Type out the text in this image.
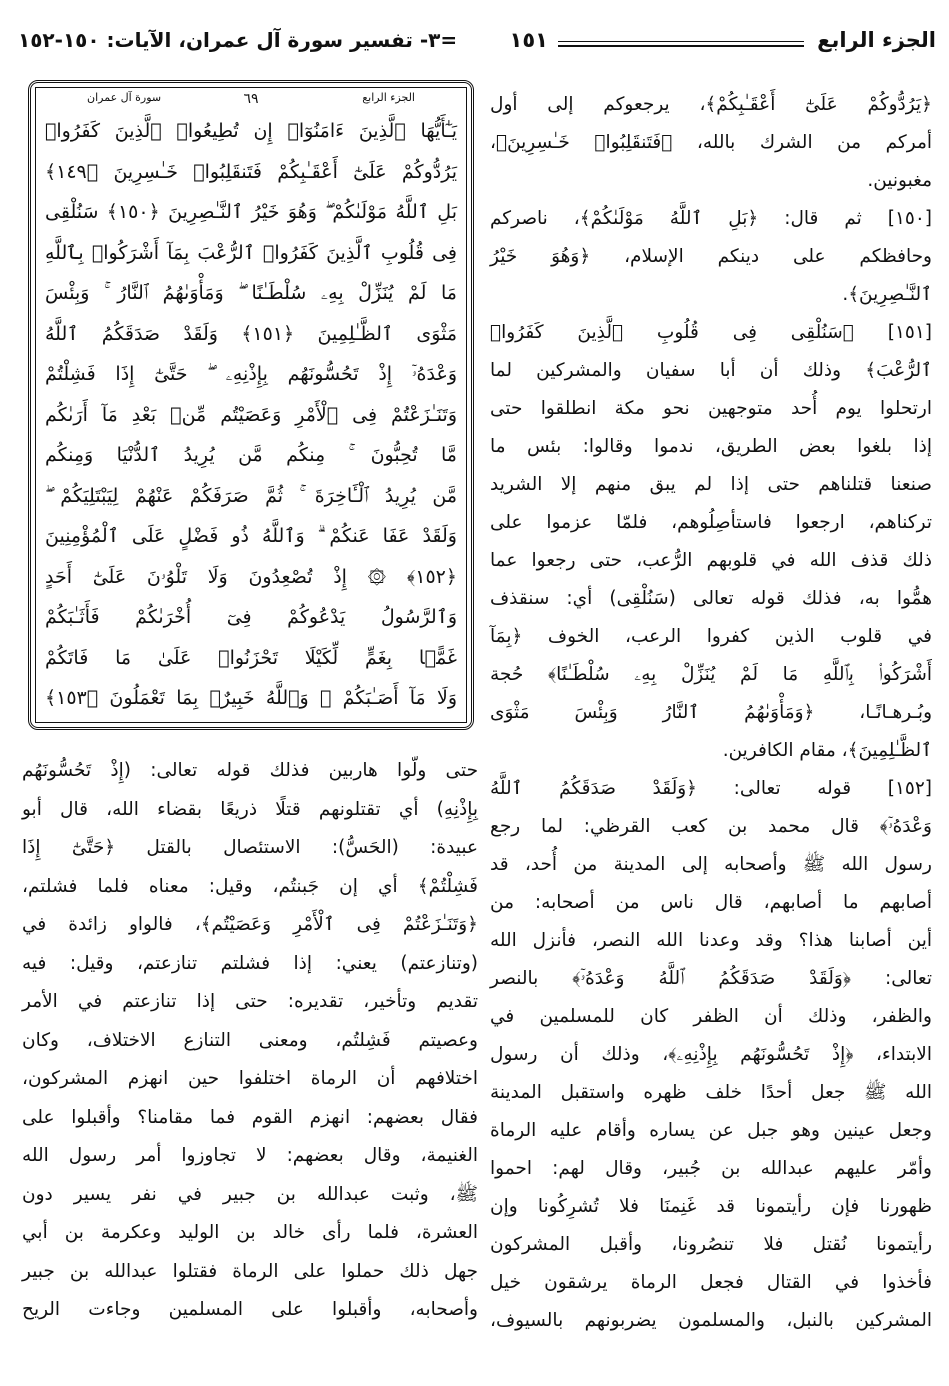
الجزء الرابع
١٥١
=٣- تفسير سورة آل عمران، الآيات: ١٥٠-١٥٢
الجزء الرابع
٦٩
سورة آل عمران
يَـٰٓأَيُّهَا ٱلَّذِينَ ءَامَنُوٓا۟ إِن تُطِيعُوا۟ ٱلَّذِينَ كَفَرُوا۟
يَرُدُّوكُمْ عَلَىٰٓ أَعْقَـٰبِكُمْ فَتَنقَلِبُوا۟ خَـٰسِرِينَ ﴿١٤٩﴾
بَلِ ٱللَّهُ مَوْلَىٰكُمْ ۖ وَهُوَ خَيْرُ ٱلنَّـٰصِرِينَ ﴿١٥٠﴾ سَنُلْقِى
فِى قُلُوبِ ٱلَّذِينَ كَفَرُوا۟ ٱلرُّعْبَ بِمَآ أَشْرَكُوا۟ بِٱللَّهِ
مَا لَمْ يُنَزِّلْ بِهِۦ سُلْطَـٰنًا ۖ وَمَأْوَىٰهُمُ ٱلنَّارُ ۚ وَبِئْسَ
مَثْوَى ٱلظَّـٰلِمِينَ ﴿١٥١﴾ وَلَقَدْ صَدَقَكُمُ ٱللَّهُ
وَعْدَهُۥٓ إِذْ تَحُسُّونَهُم بِإِذْنِهِۦ ۖ حَتَّىٰٓ إِذَا فَشِلْتُمْ
وَتَنَـٰزَعْتُمْ فِى ٱلْأَمْرِ وَعَصَيْتُم مِّنۢ بَعْدِ مَآ أَرَىٰكُم
مَّا تُحِبُّونَ ۚ مِنكُم مَّن يُرِيدُ ٱلدُّنْيَا وَمِنكُم
مَّن يُرِيدُ ٱلْـَٔاخِرَةَ ۚ ثُمَّ صَرَفَكُمْ عَنْهُمْ لِيَبْتَلِيَكُمْ ۖ
وَلَقَدْ عَفَا عَنكُمْ ۗ وَٱللَّهُ ذُو فَضْلٍ عَلَى ٱلْمُؤْمِنِينَ
﴿١٥٢﴾ ۞ إِذْ تُصْعِدُونَ وَلَا تَلْوُۥنَ عَلَىٰٓ أَحَدٍ
وَٱلرَّسُولُ يَدْعُوكُمْ فِىٓ أُخْرَىٰكُمْ فَأَثَـٰبَكُمْ
غَمًّۢا بِغَمٍّ لِّكَيْلَا تَحْزَنُوا۟ عَلَىٰ مَا فَاتَكُمْ
وَلَا مَآ أَصَـٰبَكُمْ ۗ وَٱللَّهُ خَبِيرٌۢ بِمَا تَعْمَلُونَ ﴿١٥٣﴾
﴿يَرُدُّوكُمْ عَلَىٰٓ أَعْقَـٰبِكُمْ﴾، يرجعوكم إلى أول
أمركم من الشرك بالله، ﴿فَتَنقَلِبُوا۟ خَـٰسِرِينَ﴾،
مغبونين.
[١٥٠] ثم قال: ﴿بَلِ ٱللَّهُ مَوْلَىٰكُمْ﴾، ناصركم
وحافظكم على دينكم الإسلام، ﴿وَهُوَ خَيْرُ
ٱلنَّـٰصِرِينَ﴾.
[١٥١] ﴿سَنُلْقِى فِى قُلُوبِ ٱلَّذِينَ كَفَرُوا۟
ٱلرُّعْبَ﴾ وذلك أن أبا سفيان والمشركين لما
ارتحلوا يوم أُحد متوجهين نحو مكة انطلقوا حتى
إذا بلغوا بعض الطريق، ندموا وقالوا: بئس ما
صنعنا قتلناهم حتى إذا لم يبق منهم إلا الشريد
تركناهم، ارجعوا فاستأصِلُوهم، فلمّا عزموا على
ذلك قذف الله في قلوبهم الرُّعب، حتى رجعوا عما
همُّوا به، فذلك قوله تعالى (سَنُلْقِى) أي: سنقذف
في قلوب الذين كفروا الرعب، الخوف ﴿بِمَآ
أَشْرَكُوا۟ بِٱللَّهِ مَا لَمْ يُنَزِّلْ بِهِۦ سُلْطَـٰنًا﴾ حُجة
وبُـرهـانًـا، ﴿وَمَأْوَىٰهُمُ ٱلنَّارُ وَبِئْسَ مَثْوَى
ٱلظَّـٰلِمِينَ﴾، مقام الكافرين.
[١٥٢] قوله تعالى: ﴿وَلَقَدْ صَدَقَكُمُ ٱللَّهُ
وَعْدَهُۥٓ﴾ قال محمد بن كعب القرظي: لما رجع
رسول الله ﷺ وأصحابه إلى المدينة من أُحد، قد
أصابهم ما أصابهم، قال ناس من أصحابه: من
أين أصابنا هذا؟ وقد وعدنا الله النصر، فأنزل الله
تعالى: ﴿وَلَقَدْ صَدَقَكُمُ ٱللَّهُ وَعْدَهُۥٓ﴾ بالنصر
والظفر، وذلك أن الظفر كان للمسلمين في
الابتداء، ﴿إِذْ تَحُسُّونَهُم بِإِذْنِهِۦ﴾، وذلك أن رسول
الله ﷺ جعل أحدًا خلف ظهره واستقبل المدينة
وجعل عينين وهو جبل عن يساره وأقام عليه الرماة
وأمّر عليهم عبدالله بن جُبير، وقال لهم: احموا
ظهورنا فإن رأيتمونا قد غَنِمنَا فلا تُشرِكُونا وإن
رأيتمونا نُقتل فلا تنصُرونا، وأقبل المشركون
فأخذوا في القتال فجعل الرماة يرشقون خيل
المشركين بالنبل، والمسلمون يضربونهم بالسيوف،
حتى ولّوا هاربين فذلك قوله تعالى: (إِذْ تَحُسُّونَهُم
بِإِذْنِهِ) أي تقتلونهم قتلًا ذريعًا بقضاء الله، قال أبو
عبيدة: (الحَسُّ): الاستئصال بالقتل ﴿حَتَّىٰٓ إِذَا
فَشِلْتُمْ﴾ أي إن جَبنتُم، وقيل: معناه فلما فشلتم،
﴿وَتَنَـٰزَعْتُمْ فِى ٱلْأَمْرِ وَعَصَيْتُم﴾، فالواو زائدة في
(وتنازعتم) يعني: إذا فشلتم تنازعتم، وقيل: فيه
تقديم وتأخير، تقديره: حتى إذا تنازعتم في الأمر
وعصيتم فَشِلتُم، ومعنى التنازع الاختلاف، وكان
اختلافهم أن الرماة اختلفوا حين انهزم المشركون،
فقال بعضهم: انهزم القوم فما مقامنا؟ وأقبلوا على
الغنيمة، وقال بعضهم: لا تجاوزوا أمر رسول الله
ﷺ، وثبت عبدالله بن جبير في نفر يسير دون
العشرة، فلما رأى خالد بن الوليد وعكرمة بن أبي
جهل ذلك حملوا على الرماة فقتلوا عبدالله بن جبير
وأصحابه، وأقبلوا على المسلمين وجاءت الريح
